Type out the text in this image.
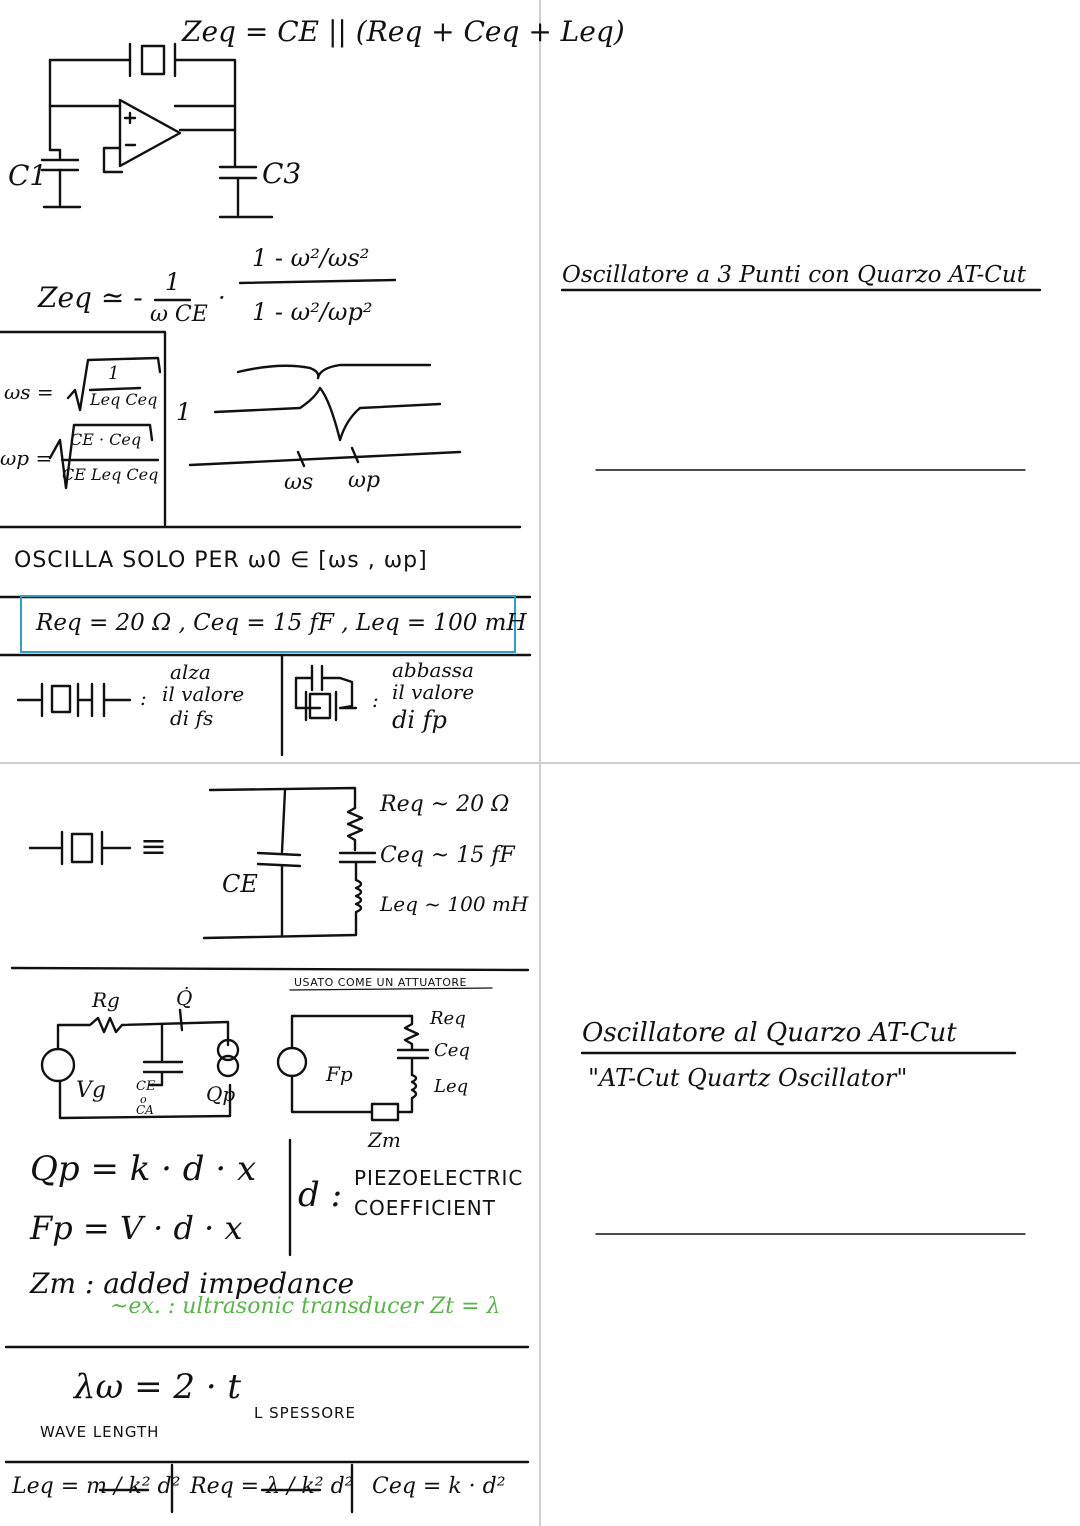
Zeq = CE || (Req + Ceq + Leq)
C1	C3
Zeq ≃ - 1
ω CE
·
1 - ω²/ωs²
1 - ω²/ωp²
ωs =
1
Leq Ceq
ωp =
CE · Ceq
CE Leq Ceq
1
ωs ωp
OSCILLA SOLO PER ω0 ∈ [ωs , ωp]
Req = 20 Ω , Ceq = 15 fF , Leq = 100 mH
:
alza
il valore
di fs
:
abbassa
il valore
di fp
Oscillatore a 3 Punti con Quarzo AT-Cut
≡
CE
Req ~ 20 Ω
Ceq ~ 15 fF
Leq ~ 100 mH
USATO COME UN ATTUATORE
Rg	Q̇
Vg CE
o
CA
Qp
Fp
Req
Ceq
Leq
Zm
Qp = k · d · x
Fp = V · d · x
d : PIEZOELECTRIC
COEFFICIENT
Zm : added impedance
~ex. : ultrasonic transducer Zt = λ
λω = 2 · t
WAVE LENGTH
L SPESSORE
Leq = m / k² d² Req = λ / k² d² Ceq = k · d²
Oscillatore al Quarzo AT-Cut
"AT-Cut Quartz Oscillator"
